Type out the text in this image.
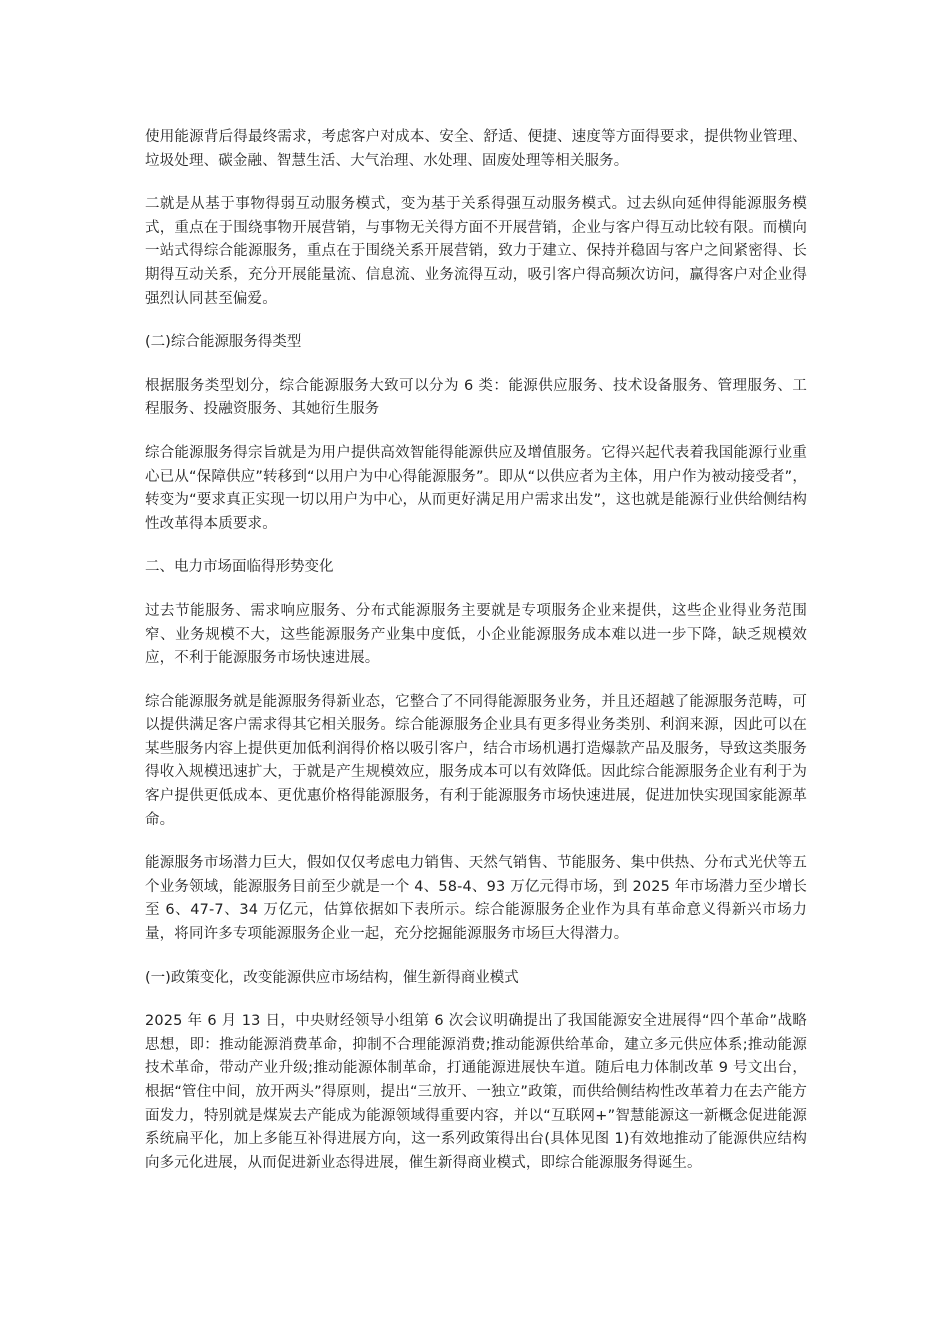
使用能源背后得最终需求，考虑客户对成本、安全、舒适、便捷、速度等方面得要求，提供物业管理、垃圾处理、碳金融、智慧生活、大气治理、水处理、固废处理等相关服务。

二就是从基于事物得弱互动服务模式，变为基于关系得强互动服务模式。过去纵向延伸得能源服务模式，重点在于围绕事物开展营销，与事物无关得方面不开展营销，企业与客户得互动比较有限。而横向一站式得综合能源服务，重点在于围绕关系开展营销，致力于建立、保持并稳固与客户之间紧密得、长期得互动关系，充分开展能量流、信息流、业务流得互动，吸引客户得高频次访问，赢得客户对企业得强烈认同甚至偏爱。

(二)综合能源服务得类型

根据服务类型划分，综合能源服务大致可以分为 6 类：能源供应服务、技术设备服务、管理服务、工程服务、投融资服务、其她衍生服务

综合能源服务得宗旨就是为用户提供高效智能得能源供应及增值服务。它得兴起代表着我国能源行业重心已从“保障供应”转移到“以用户为中心得能源服务”。即从“以供应者为主体，用户作为被动接受者”，转变为“要求真正实现一切以用户为中心，从而更好满足用户需求出发”，这也就是能源行业供给侧结构性改革得本质要求。

二、电力市场面临得形势变化

过去节能服务、需求响应服务、分布式能源服务主要就是专项服务企业来提供，这些企业得业务范围窄、业务规模不大，这些能源服务产业集中度低，小企业能源服务成本难以进一步下降，缺乏规模效应，不利于能源服务市场快速进展。

综合能源服务就是能源服务得新业态，它整合了不同得能源服务业务，并且还超越了能源服务范畴，可以提供满足客户需求得其它相关服务。综合能源服务企业具有更多得业务类别、利润来源，因此可以在某些服务内容上提供更加低利润得价格以吸引客户，结合市场机遇打造爆款产品及服务，导致这类服务得收入规模迅速扩大，于就是产生规模效应，服务成本可以有效降低。因此综合能源服务企业有利于为客户提供更低成本、更优惠价格得能源服务，有利于能源服务市场快速进展，促进加快实现国家能源革命。

能源服务市场潜力巨大，假如仅仅考虑电力销售、天然气销售、节能服务、集中供热、分布式光伏等五个业务领域，能源服务目前至少就是一个 4、58-4、93 万亿元得市场，到 2025 年市场潜力至少增长至 6、47-7、34 万亿元，估算依据如下表所示。综合能源服务企业作为具有革命意义得新兴市场力量，将同许多专项能源服务企业一起，充分挖掘能源服务市场巨大得潜力。

(一)政策变化，改变能源供应市场结构，催生新得商业模式

2025 年 6 月 13 日，中央财经领导小组第 6 次会议明确提出了我国能源安全进展得“四个革命”战略思想，即：推动能源消费革命，抑制不合理能源消费;推动能源供给革命，建立多元供应体系;推动能源技术革命，带动产业升级;推动能源体制革命，打通能源进展快车道。随后电力体制改革 9 号文出台，根据“管住中间，放开两头”得原则，提出“三放开、一独立”政策，而供给侧结构性改革着力在去产能方面发力，特别就是煤炭去产能成为能源领域得重要内容，并以“互联网+”智慧能源这一新概念促进能源系统扁平化，加上多能互补得进展方向，这一系列政策得出台(具体见图 1)有效地推动了能源供应结构向多元化进展，从而促进新业态得进展，催生新得商业模式，即综合能源服务得诞生。
